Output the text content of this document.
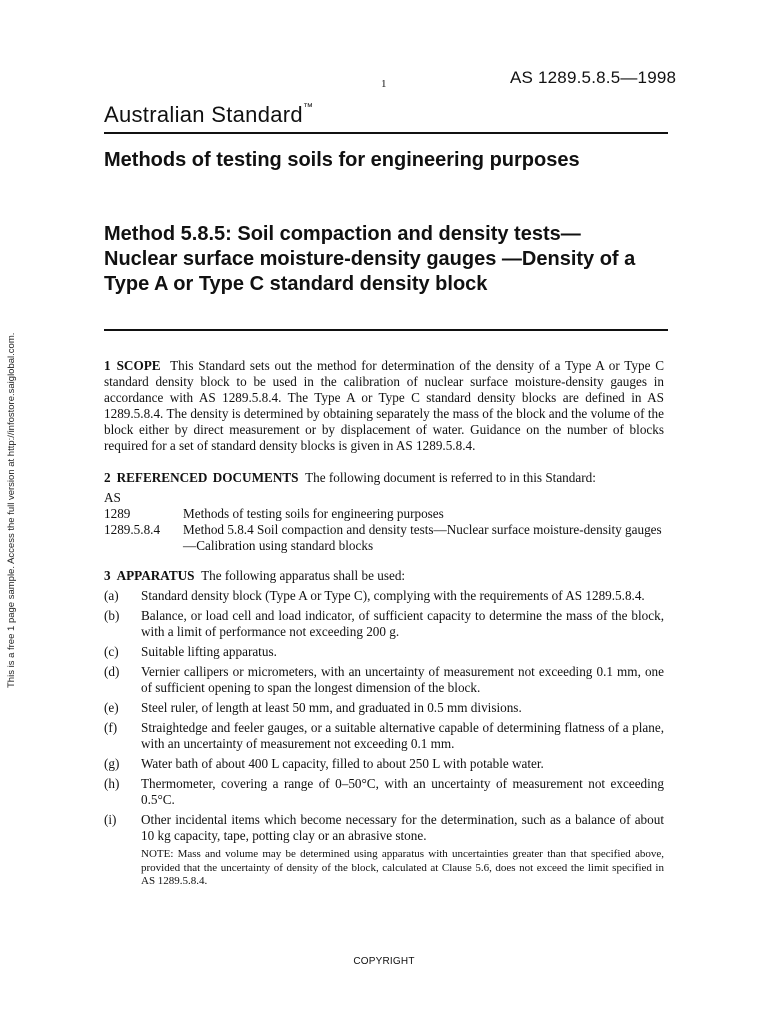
1	AS 1289.5.8.5—1998
Australian Standard™
Methods of testing soils for engineering purposes
Method 5.8.5: Soil compaction and density tests—Nuclear surface moisture-density gauges —Density of a Type A or Type C standard density block
This is a free 1 page sample. Access the full version at http://infostore.saiglobal.com.	1 SCOPE This Standard sets out the method for determination of the density of a Type A or Type C standard density block to be used in the calibration of nuclear surface moisture-density gauges in accordance with AS 1289.5.8.4. The Type A or Type C standard density blocks are defined in AS 1289.5.8.4. The density is determined by obtaining separately the mass of the block and the volume of the block either by direct measurement or by displacement of water. Guidance on the number of blocks required for a set of standard density blocks is given in AS 1289.5.8.4.

2 REFERENCED DOCUMENTS The following document is referred to in this Standard:

AS
1289	Methods of testing soils for engineering purposes
1289.5.8.4	Method 5.8.4 Soil compaction and density tests—Nuclear surface moisture-density gauges—Calibration using standard blocks

3 APPARATUS The following apparatus shall be used:

(a)	Standard density block (Type A or Type C), complying with the requirements of AS 1289.5.8.4.
(b)	Balance, or load cell and load indicator, of sufficient capacity to determine the mass of the block, with a limit of performance not exceeding 200 g.
(c)	Suitable lifting apparatus.
(d)	Vernier callipers or micrometers, with an uncertainty of measurement not exceeding 0.1 mm, one of sufficient opening to span the longest dimension of the block.
(e)	Steel ruler, of length at least 50 mm, and graduated in 0.5 mm divisions.
(f)	Straightedge and feeler gauges, or a suitable alternative capable of determining flatness of a plane, with an uncertainty of measurement not exceeding 0.1 mm.
(g)	Water bath of about 400 L capacity, filled to about 250 L with potable water.
(h)	Thermometer, covering a range of 0–50°C, with an uncertainty of measurement not exceeding 0.5°C.
(i)	Other incidental items which become necessary for the determination, such as a balance of about 10 kg capacity, tape, potting clay or an abrasive stone.
NOTE: Mass and volume may be determined using apparatus with uncertainties greater than that specified above, provided that the uncertainty of density of the block, calculated at Clause 5.6, does not exceed the limit specified in AS 1289.5.8.4.
COPYRIGHT
